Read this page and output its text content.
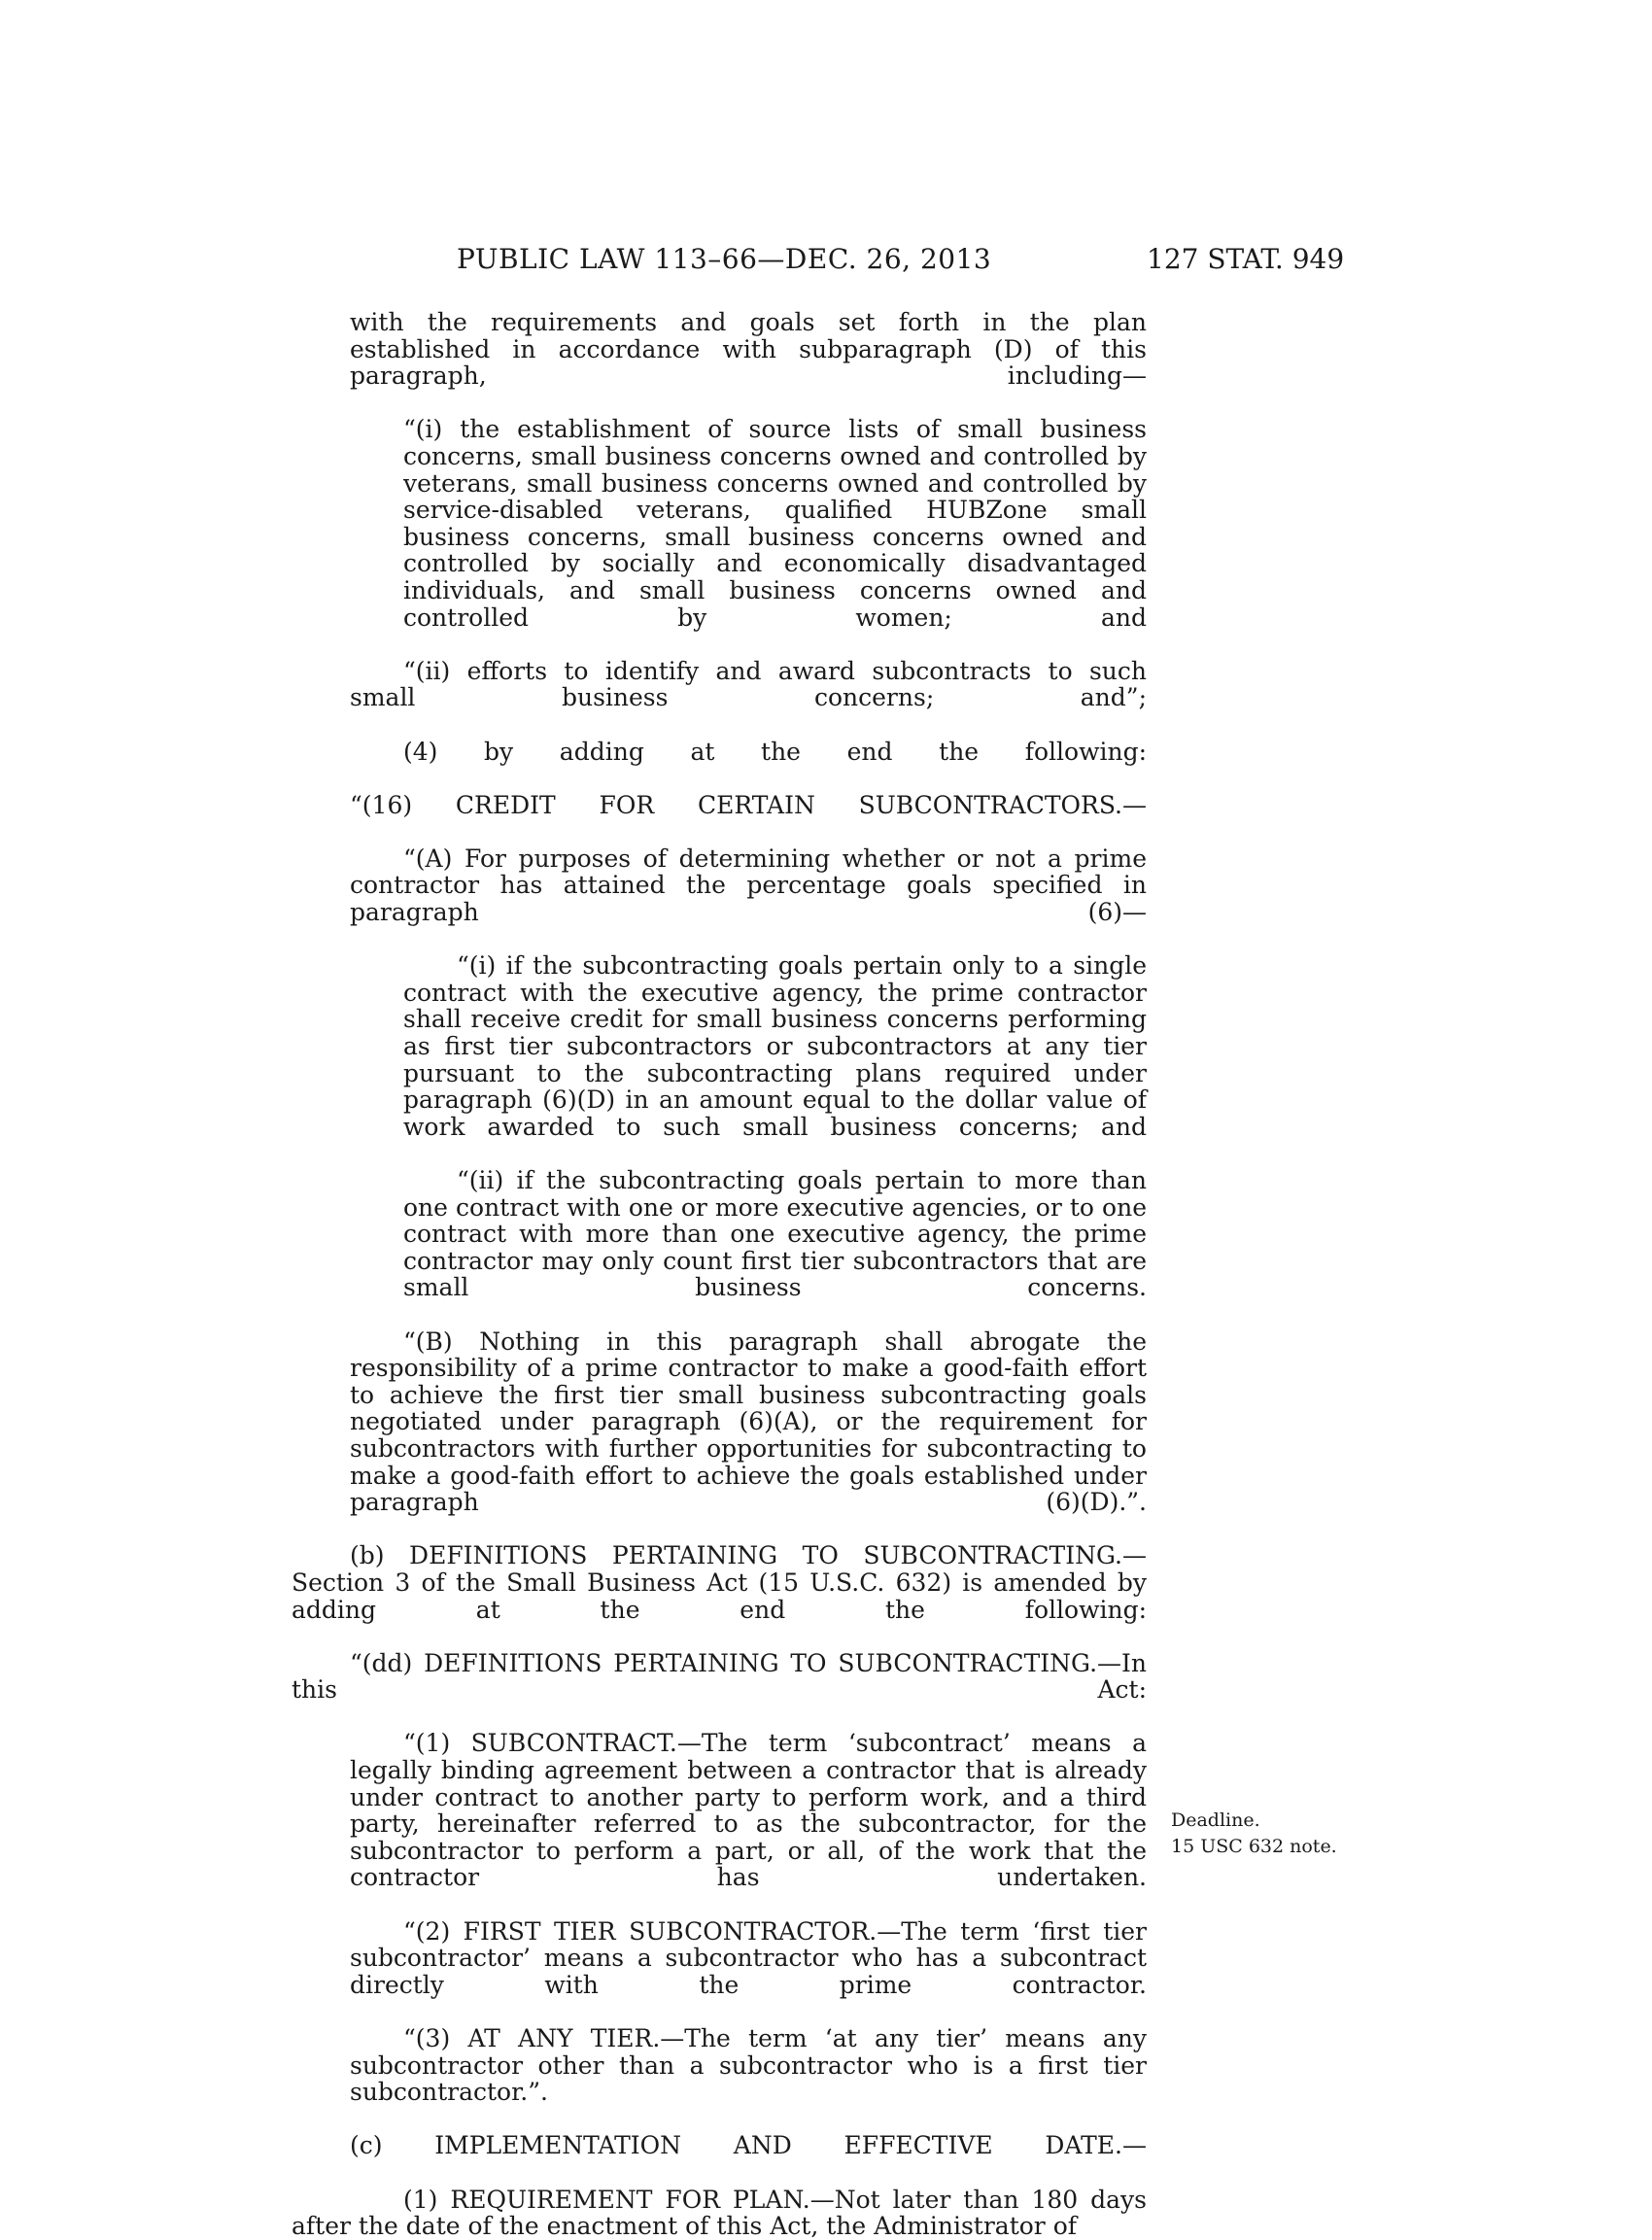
PUBLIC LAW 113–66—DEC. 26, 2013	127 STAT. 949

with the requirements and goals set forth in the plan established in accordance with subparagraph (D) of this paragraph, including—

“(i) the establishment of source lists of small business concerns, small business concerns owned and controlled by veterans, small business concerns owned and controlled by service-disabled veterans, qualified HUBZone small business concerns, small business concerns owned and controlled by socially and economically disadvantaged individuals, and small business concerns owned and controlled by women; and

“(ii) efforts to identify and award subcontracts to such small business concerns; and”;

(4) by adding at the end the following:

“(16) CREDIT FOR CERTAIN SUBCONTRACTORS.—

“(A) For purposes of determining whether or not a prime contractor has attained the percentage goals specified in paragraph (6)—

“(i) if the subcontracting goals pertain only to a single contract with the executive agency, the prime contractor shall receive credit for small business concerns performing as first tier subcontractors or subcontractors at any tier pursuant to the subcontracting plans required under paragraph (6)(D) in an amount equal to the dollar value of work awarded to such small business concerns; and

“(ii) if the subcontracting goals pertain to more than one contract with one or more executive agencies, or to one contract with more than one executive agency, the prime contractor may only count first tier subcontractors that are small business concerns.

“(B) Nothing in this paragraph shall abrogate the responsibility of a prime contractor to make a good-faith effort to achieve the first tier small business subcontracting goals negotiated under paragraph (6)(A), or the requirement for subcontractors with further opportunities for subcontracting to make a good-faith effort to achieve the goals established under paragraph (6)(D).”.

(b) DEFINITIONS PERTAINING TO SUBCONTRACTING.—Section 3 of the Small Business Act (15 U.S.C. 632) is amended by adding at the end the following:

“(dd) DEFINITIONS PERTAINING TO SUBCONTRACTING.—In this Act:

“(1) SUBCONTRACT.—The term ‘subcontract’ means a legally binding agreement between a contractor that is already under contract to another party to perform work, and a third party, hereinafter referred to as the subcontractor, for the subcontractor to perform a part, or all, of the work that the contractor has undertaken.

“(2) FIRST TIER SUBCONTRACTOR.—The term ‘first tier subcontractor’ means a subcontractor who has a subcontract directly with the prime contractor.

“(3) AT ANY TIER.—The term ‘at any tier’ means any subcontractor other than a subcontractor who is a first tier subcontractor.”.

(c) IMPLEMENTATION AND EFFECTIVE DATE.—

(1) REQUIREMENT FOR PLAN.—Not later than 180 days after the date of the enactment of this Act, the Administrator of

Deadline.
15 USC 632 note.
